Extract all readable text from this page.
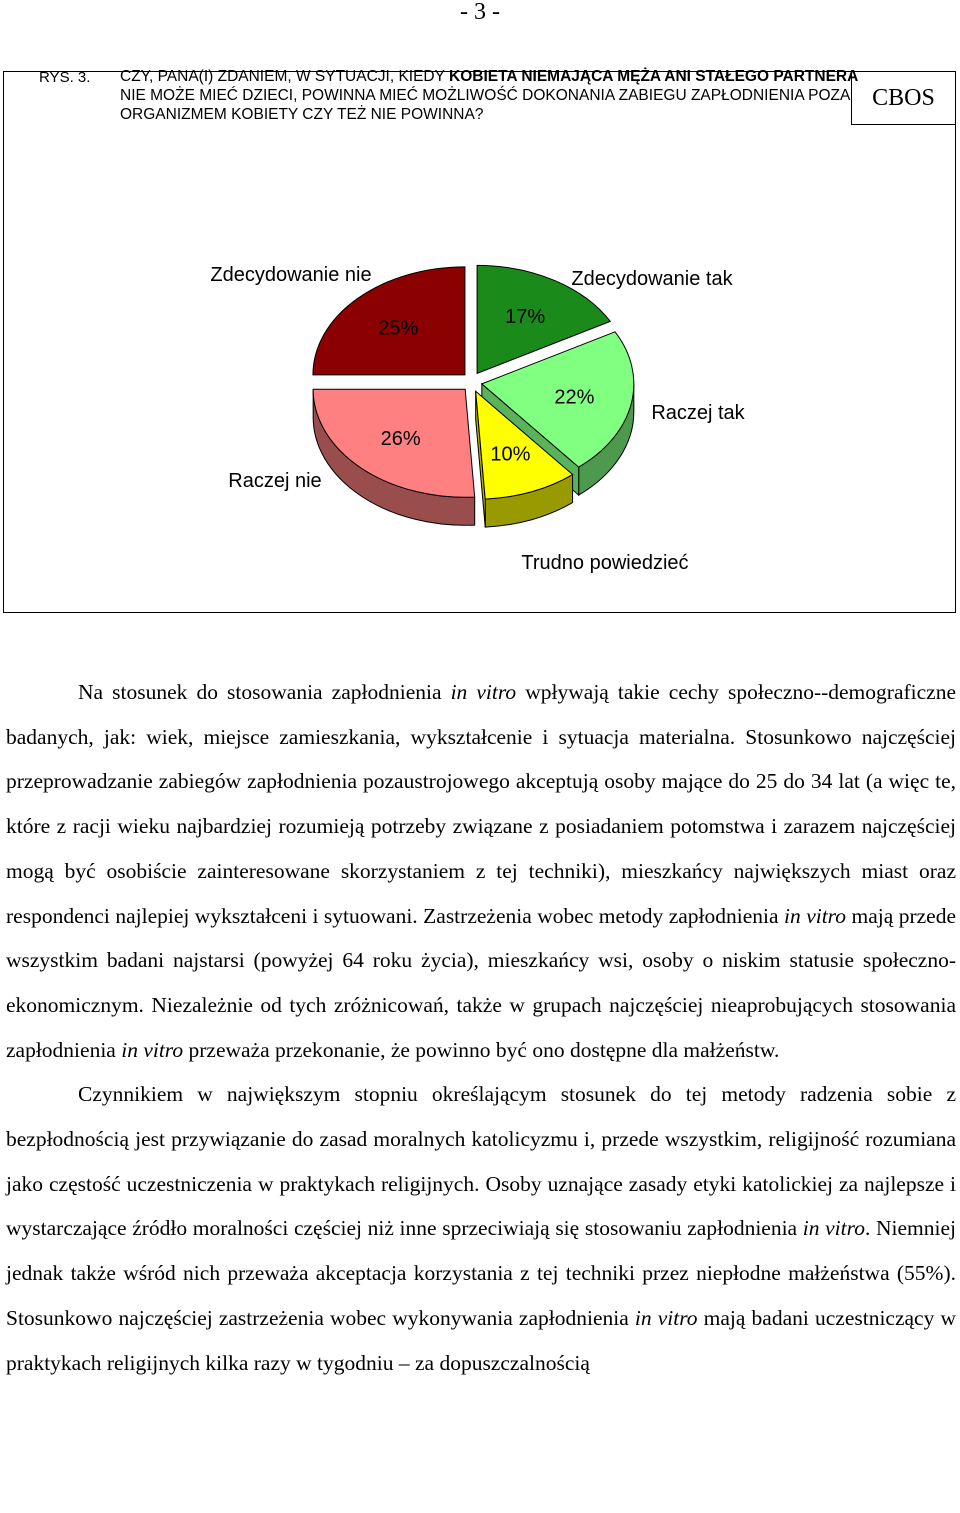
- 3 -
CBOS
RYS. 3. CZY, PANA(I) ZDANIEM, W SYTUACJI, KIEDY KOBIETA NIEMAJĄCA MĘŻA ANI STAŁEGO PARTNERA NIE MOŻE MIEĆ DZIECI, POWINNA MIEĆ MOŻLIWOŚĆ DOKONANIA ZABIEGU ZAPŁODNIENIA POZA ORGANIZMEM KOBIETY CZY TEŻ NIE POWINNA?
17%
Zdecydowanie tak
22%
Raczej tak
10%
Trudno powiedzieć
26%
Raczej nie
25%
Zdecydowanie nie

Na stosunek do stosowania zapłodnienia in vitro wpływają takie cechy społeczno--demograficzne badanych, jak: wiek, miejsce zamieszkania, wykształcenie i sytuacja materialna. Stosunkowo najczęściej przeprowadzanie zabiegów zapłodnienia pozaustrojowego akceptują osoby mające do 25 do 34 lat (a więc te, które z racji wieku najbardziej rozumieją potrzeby związane z posiadaniem potomstwa i zarazem najczęściej mogą być osobiście zainteresowane skorzystaniem z tej techniki), mieszkańcy największych miast oraz respondenci najlepiej wykształceni i sytuowani. Zastrzeżenia wobec metody zapłodnienia in vitro mają przede wszystkim badani najstarsi (powyżej 64 roku życia), mieszkańcy wsi, osoby o niskim statusie społeczno-ekonomicznym. Niezależnie od tych zróżnicowań, także w grupach najczęściej nieaprobujących stosowania zapłodnienia in vitro przeważa przekonanie, że powinno być ono dostępne dla małżeństw.

Czynnikiem w największym stopniu określającym stosunek do tej metody radzenia sobie z bezpłodnością jest przywiązanie do zasad moralnych katolicyzmu i, przede wszystkim, religijność rozumiana jako częstość uczestniczenia w praktykach religijnych. Osoby uznające zasady etyki katolickiej za najlepsze i wystarczające źródło moralności częściej niż inne sprzeciwiają się stosowaniu zapłodnienia in vitro. Niemniej jednak także wśród nich przeważa akceptacja korzystania z tej techniki przez niepłodne małżeństwa (55%). Stosunkowo najczęściej zastrzeżenia wobec wykonywania zapłodnienia in vitro mają badani uczestniczący w praktykach religijnych kilka razy w tygodniu – za dopuszczalnością
